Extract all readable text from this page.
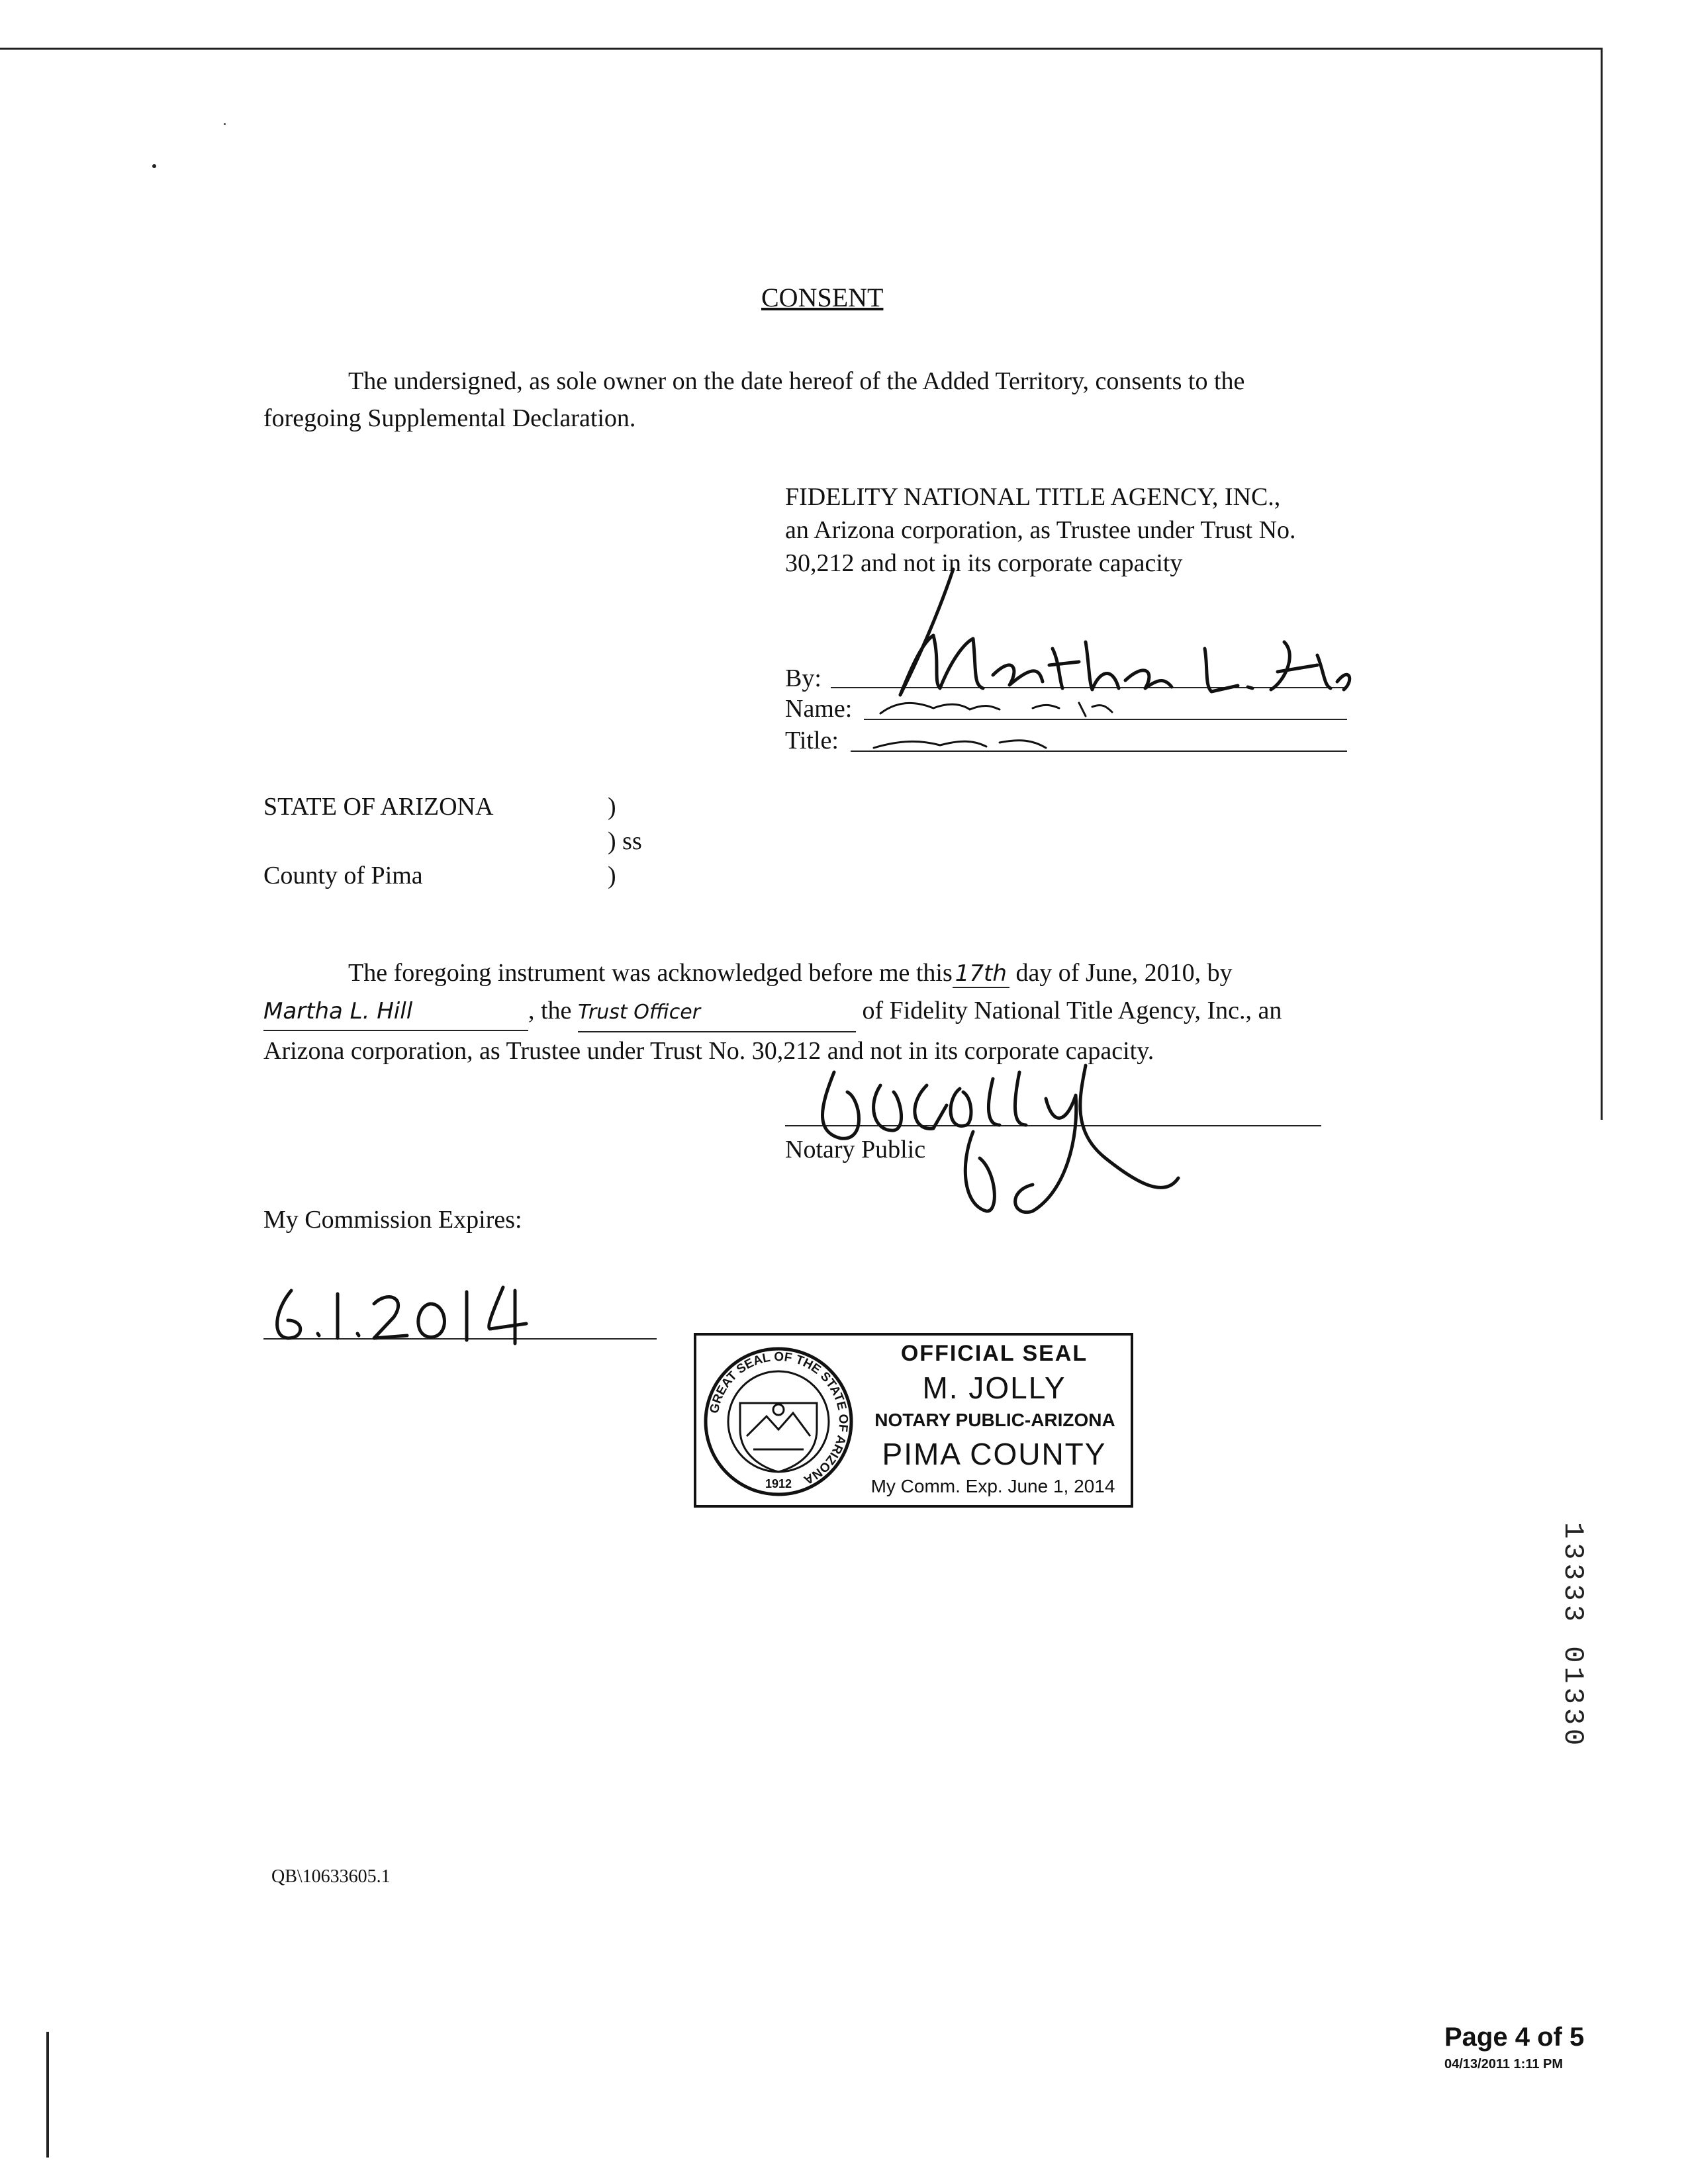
CONSENT
The undersigned, as sole owner on the date hereof of the Added Territory, consents to the
foregoing Supplemental Declaration.
FIDELITY NATIONAL TITLE AGENCY, INC.,
an Arizona corporation, as Trustee under Trust No.
30,212 and not in its corporate capacity
By:
Name:
Title:
STATE OF ARIZONA	)
) ss
County of Pima	)
The foregoing instrument was acknowledged before me this 17th day of June, 2010, by
Martha L. Hill	, the Trust Officer	of Fidelity National Title Agency, Inc., an
Arizona corporation, as Trustee under Trust No. 30,212 and not in its corporate capacity.
Notary Public
My Commission Expires:
GREAT SEAL OF THE STATE OF ARIZONA
1912
OFFICIAL SEAL
M. JOLLY
NOTARY PUBLIC-ARIZONA
PIMA COUNTY
My Comm. Exp. June 1, 2014
13333 01330
QB\10633605.1
Page 4 of 5
04/13/2011 1:11 PM
